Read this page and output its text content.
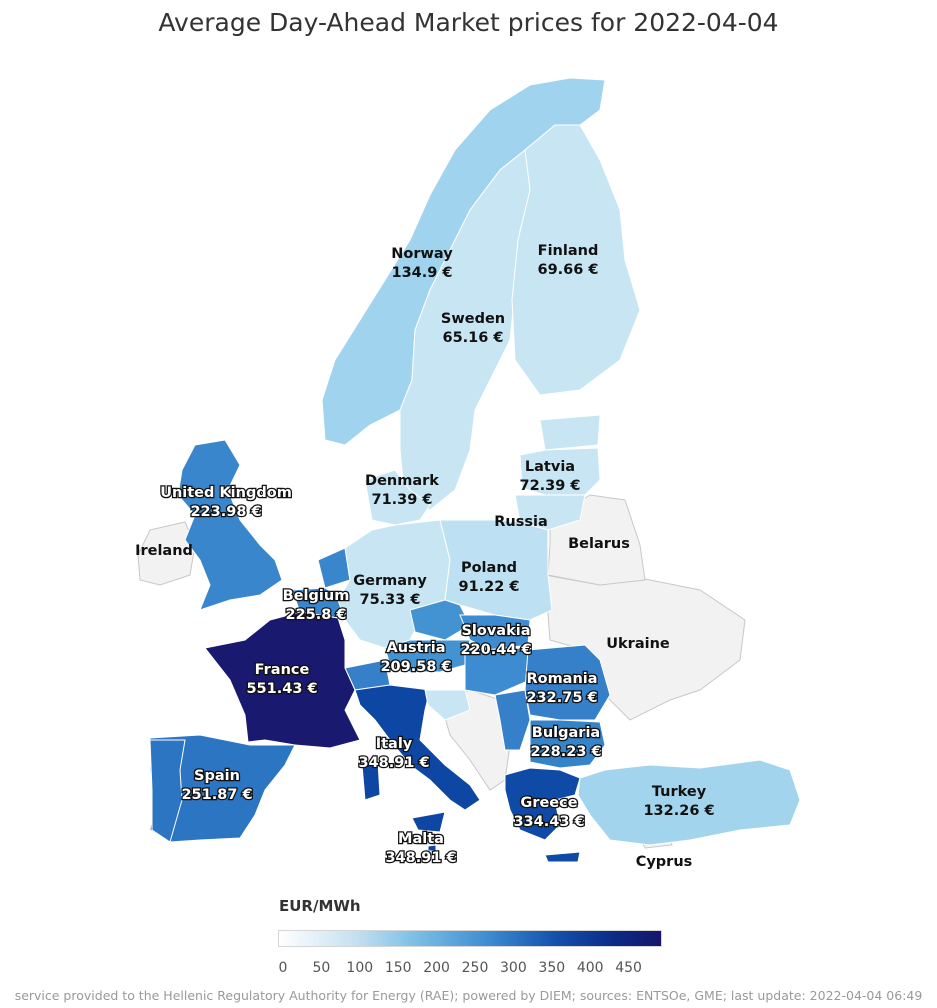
Average Day-Ahead Market prices for 2022-04-04
Norway
134.9 €
Finland
69.66 €
Sweden
65.16 €
Denmark
71.39 €
Latvia
72.39 €
United Kingdom
223.98 €
Germany
75.33 €
Poland
91.22 €
Belgium
225.8 €
Slovakia
220.44 €
Austria
209.58 €
France
551.43 €
Romania
232.75 €
Bulgaria
228.23 €
Italy
348.91 €
Spain
251.87 €	Turkey
132.26 €
Greece
334.43 €
Malta
348.91 €
Ireland
Russia
Belarus
Ukraine
Cyprus
EUR/MWh
0 50 100 150 200 250 300 350 400 450
service provided to the Hellenic Regulatory Authority for Energy (RAE); powered by DIEM; sources: ENTSOe, GME; last update: 2022-04-04 06:49
